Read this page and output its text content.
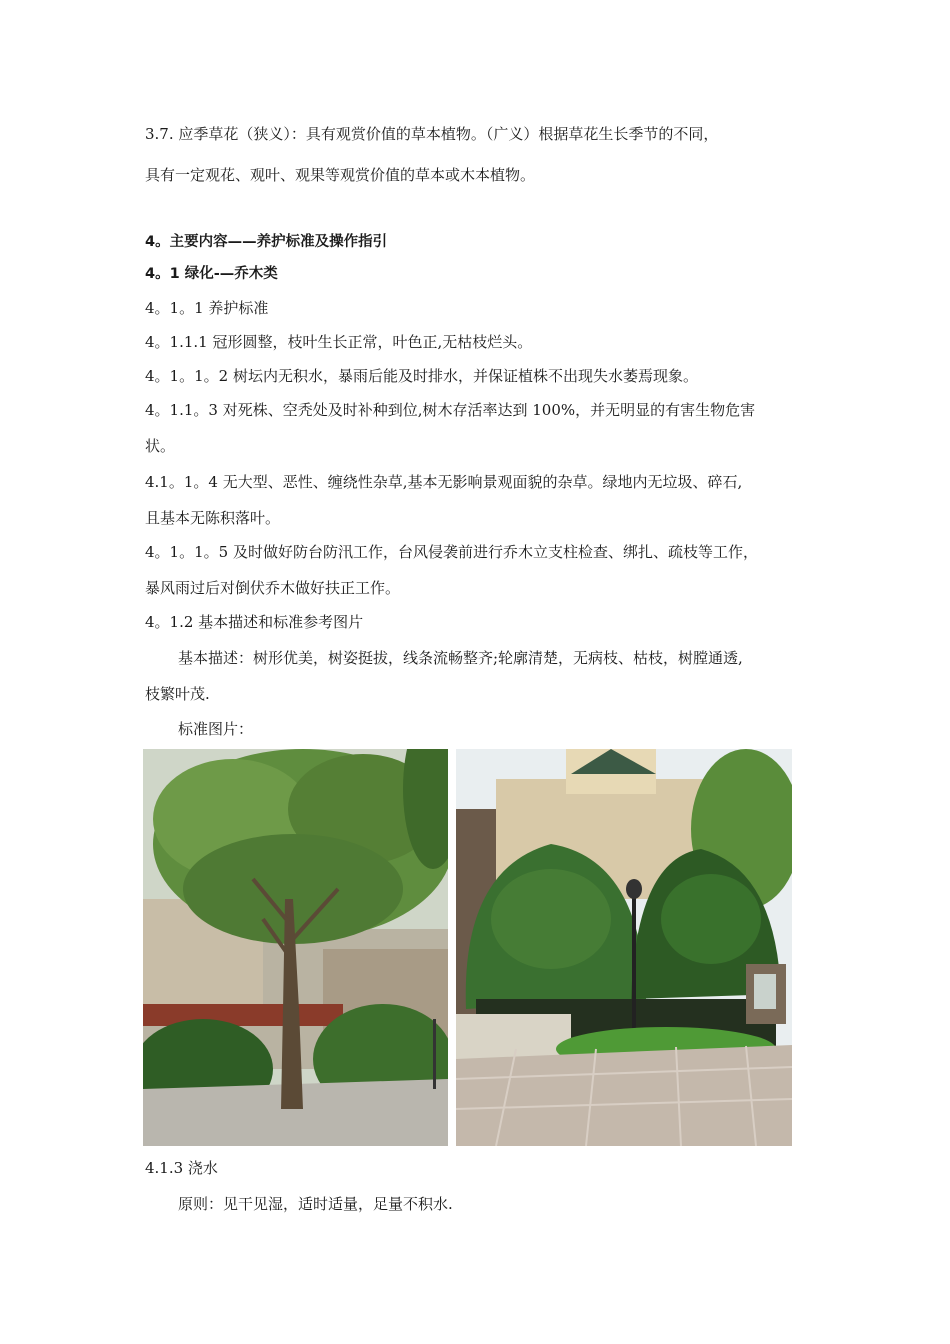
3.7. 应季草花（狭义）：具有观赏价值的草本植物。（广义）根据草花生长季节的不同，
具有一定观花、观叶、观果等观赏价值的草本或木本植物。
4。主要内容——养护标准及操作指引
4。1 绿化-—乔木类
4。1。1 养护标准
4。1.1.1 冠形圆整，枝叶生长正常，叶色正,无枯枝烂头。
4。1。1。2 树坛内无积水，暴雨后能及时排水，并保证植株不出现失水萎焉现象。
4。1.1。3 对死株、空秃处及时补种到位,树木存活率达到 100%，并无明显的有害生物危害
状。
4.1。1。4 无大型、恶性、缠绕性杂草,基本无影响景观面貌的杂草。绿地内无垃圾、碎石,
且基本无陈积落叶。
4。1。1。5 及时做好防台防汛工作，台风侵袭前进行乔木立支柱检查、绑扎、疏枝等工作，
暴风雨过后对倒伏乔木做好扶正工作。
4。1.2 基本描述和标准参考图片
基本描述：树形优美，树姿挺拔，线条流畅整齐;轮廓清楚，无病枝、枯枝，树膛通透,
枝繁叶茂.
标准图片：
4.1.3 浇水
原则：见干见湿，适时适量，足量不积水.
